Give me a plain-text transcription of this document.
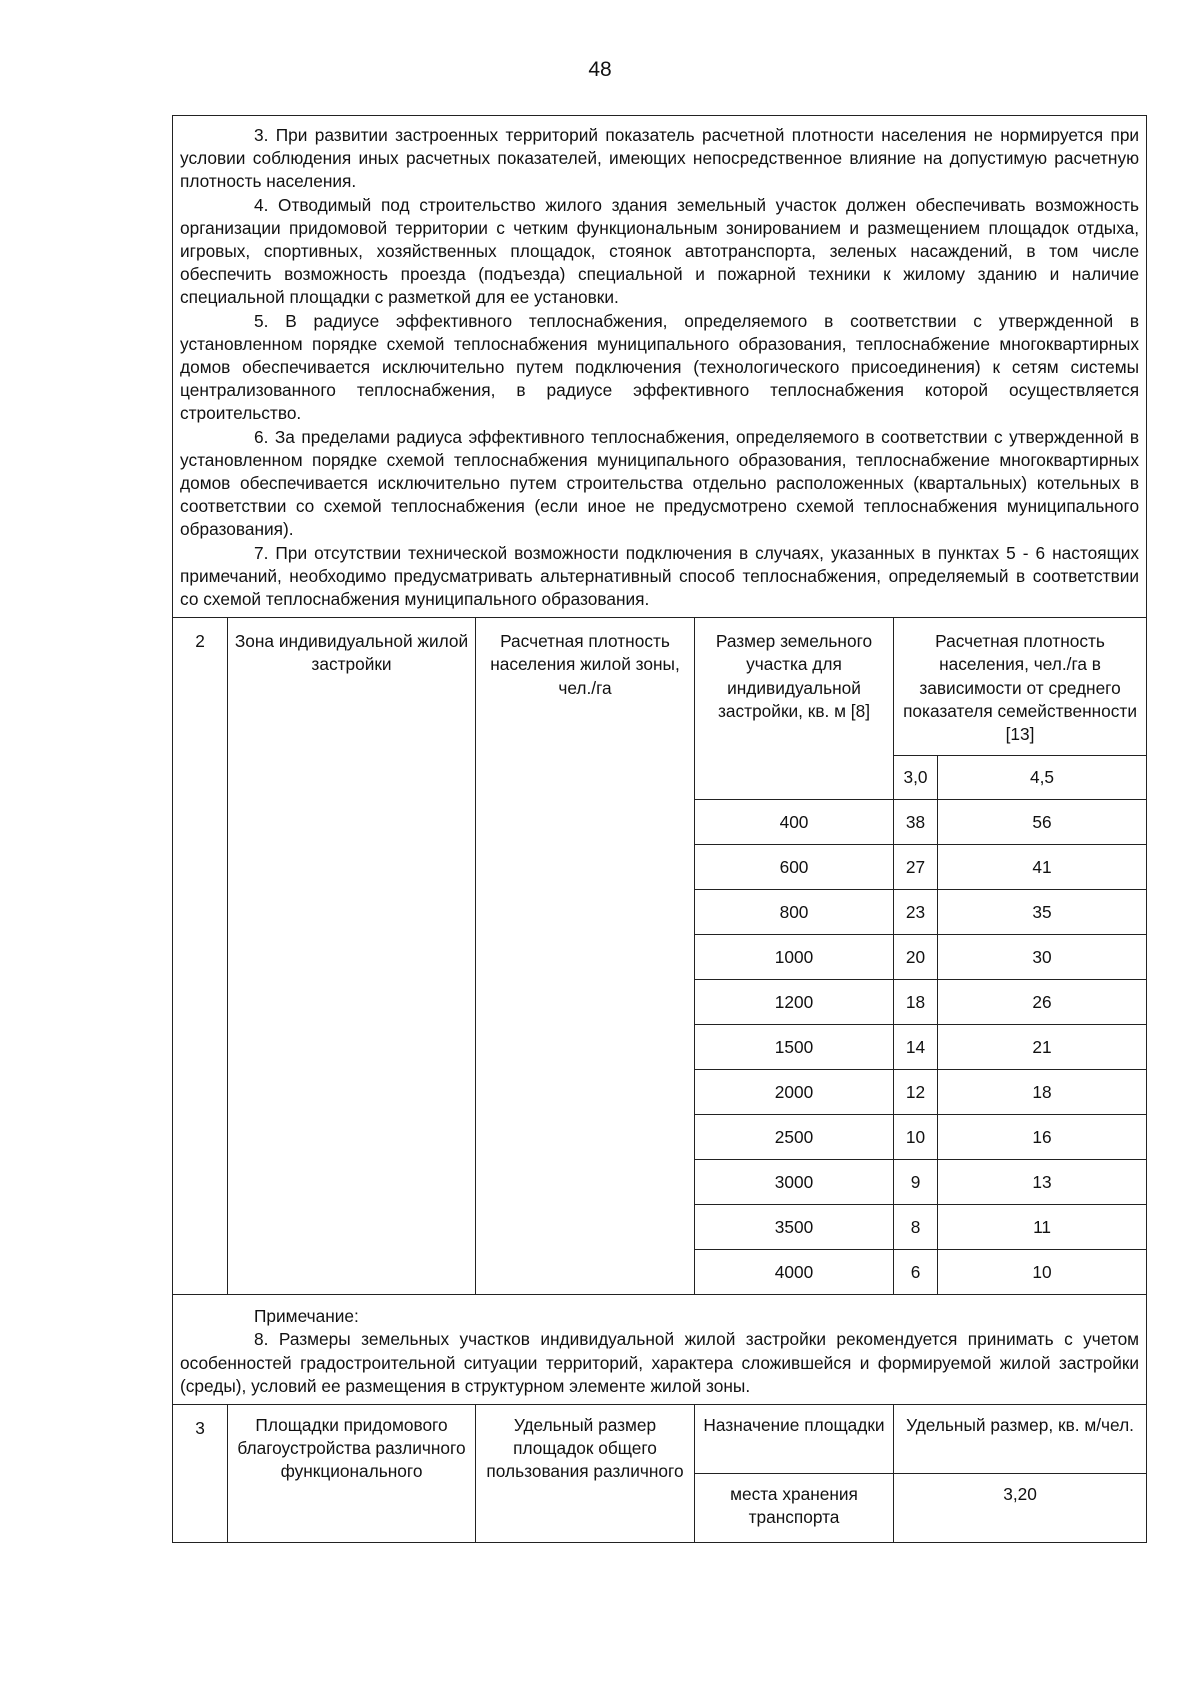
48

3. При развитии застроенных территорий показатель расчетной плотности населения не нормируется при условии соблюдения иных расчетных показателей, имеющих непосредственное влияние на допустимую расчетную плотность населения.

4. Отводимый под строительство жилого здания земельный участок должен обеспечивать возможность организации придомовой территории с четким функциональным зонированием и размещением площадок отдыха, игровых, спортивных, хозяйственных площадок, стоянок автотранспорта, зеленых насаждений, в том числе обеспечить возможность проезда (подъезда) специальной и пожарной техники к жилому зданию и наличие специальной площадки с разметкой для ее установки.

5. В радиусе эффективного теплоснабжения, определяемого в соответствии с утвержденной в установленном порядке схемой теплоснабжения муниципального образования, теплоснабжение многоквартирных домов обеспечивается исключительно путем подключения (технологического присоединения) к сетям системы централизованного теплоснабжения, в радиусе эффективного теплоснабжения которой осуществляется строительство.

6. За пределами радиуса эффективного теплоснабжения, определяемого в соответствии с утвержденной в установленном порядке схемой теплоснабжения муниципального образования, теплоснабжение многоквартирных домов обеспечивается исключительно путем строительства отдельно расположенных (квартальных) котельных в соответствии со схемой теплоснабжения (если иное не предусмотрено схемой теплоснабжения муниципального образования).

7. При отсутствии технической возможности подключения в случаях, указанных в пунктах 5 - 6 настоящих примечаний, необходимо предусматривать альтернативный способ теплоснабжения, определяемый в соответствии со схемой теплоснабжения муниципального образования.					

2	Зона индивидуальной жилой застройки	Расчетная плотность населения жилой зоны, чел./га	Размер земельного участка для индивидуальной застройки, кв. м [8]	Расчетная плотность населения, чел./га в зависимости от среднего показателя семейственности [13]	
				3,0	4,5
			400	38	56
			600	27	41
			800	23	35
			1000	20	30
			1200	18	26
			1500	14	21
			2000	12	18
			2500	10	16
			3000	9	13
			3500	8	11
			4000	6	10

Примечание:

8. Размеры земельных участков индивидуальной жилой застройки рекомендуется принимать с учетом особенностей градостроительной ситуации территорий, характера сложившейся и формируемой жилой застройки (среды), условий ее размещения в структурном элементе жилой зоны.					

3	Площадки придомового благоустройства различного функционального	Удельный размер площадок общего пользования различного	Назначение площадки	Удельный размер, кв. м/чел.	
			места хранения транспорта	3,20	
